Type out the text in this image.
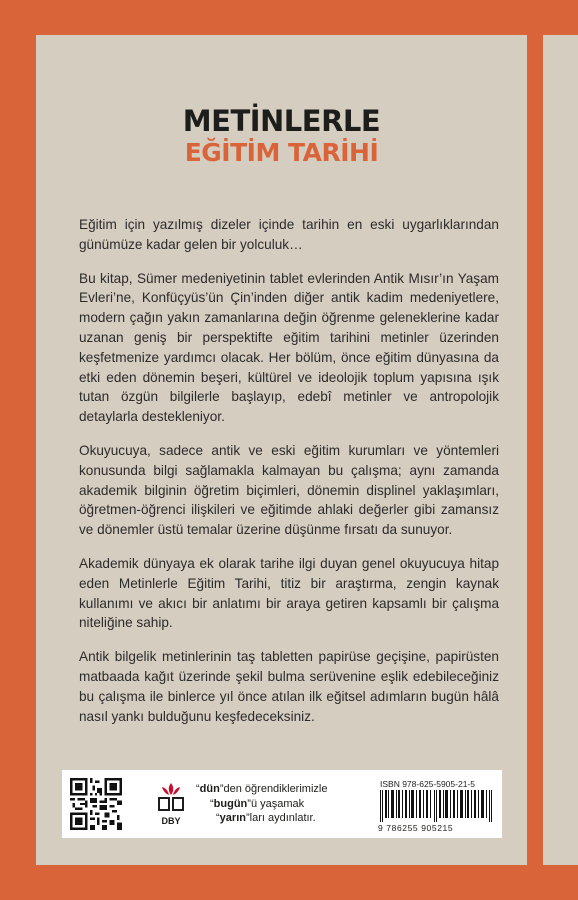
METİNLERLE
EĞİTİM TARİHİ

Eğitim için yazılmış dizeler içinde tarihin en eski uygarlıklarından günümüze kadar gelen bir yolculuk…

Bu kitap, Sümer medeniyetinin tablet evlerinden Antik Mısır’ın Yaşam Evleri’ne, Konfüçyüs’ün Çin’inden diğer antik kadim medeniyetlere, modern çağın yakın zamanlarına değin öğrenme geleneklerine kadar uzanan geniş bir perspektifte eğitim tarihini metinler üzerinden keşfetmenize yardımcı olacak. Her bölüm, önce eğitim dünyasına da etki eden dönemin beşeri, kültürel ve ideolojik toplum yapısına ışık tutan özgün bilgilerle başlayıp, edebî metinler ve antropolojik detaylarla destekleniyor.

Okuyucuya, sadece antik ve eski eğitim kurumları ve yöntemleri konusunda bilgi sağlamakla kalmayan bu çalışma; aynı zamanda akademik bilginin öğretim biçimleri, dönemin displinel yaklaşımları, öğretmen-öğrenci ilişkileri ve eğitimde ahlaki değerler gibi zamansız ve dönemler üstü temalar üzerine düşünme fırsatı da sunuyor.

Akademik dünyaya ek olarak tarihe ilgi duyan genel okuyucuya hitap eden Metinlerle Eğitim Tarihi, titiz bir araştırma, zengin kaynak kullanımı ve akıcı bir anlatımı bir araya getiren kapsamlı bir çalışma niteliğine sahip.

Antik bilgelik metinlerinin taş tabletten papirüse geçişine, papirüsten matbaada kağıt üzerinde şekil bulma serüvenine eşlik edebileceğiniz bu çalışma ile binlerce yıl önce atılan ilk eğitsel adımların bugün hâlâ nasıl yankı bulduğunu keşfedeceksiniz.

DBY
“dün”den öğrendiklerimizle
“bugün”ü yaşamak
“yarın”ları aydınlatır.
ISBN 978-625-5905-21-5
9 786255 905215
